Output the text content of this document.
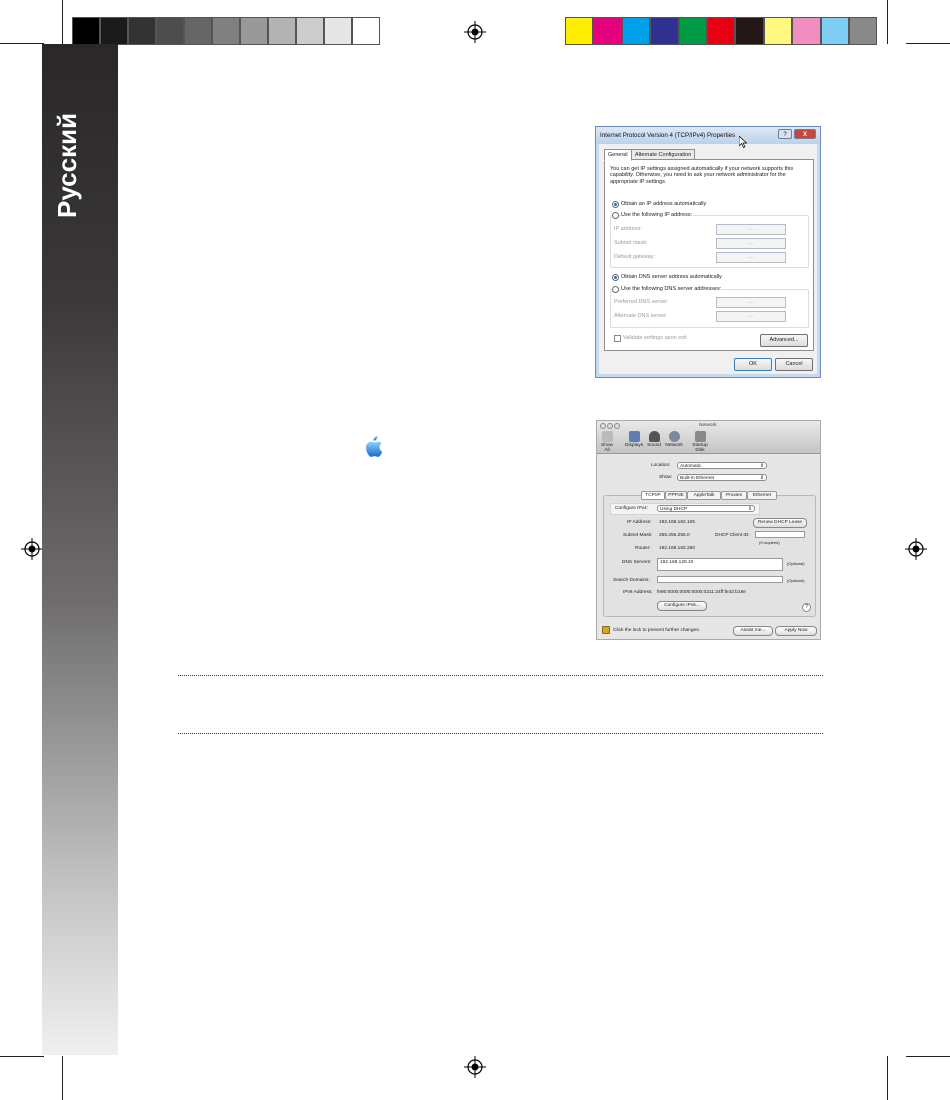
Русский	Internet Protocol Version 4 (TCP/IPv4) Properties	?	X
General	Alternate Configuration
You can get IP settings assigned automatically if your network supports this capability. Otherwise, you need to ask your network administrator for the appropriate IP settings.
Obtain an IP address automatically
Use the following IP address:
IP address:	. . .
Subnet mask:	. . .
Default gateway:	. . .
Obtain DNS server address automatically
Use the following DNS server addresses:
Preferred DNS server:	. . .
Alternate DNS server:	. . .
Validate settings upon exit	Advanced...
OK	Cancel
Network
Show All
Displays Sound Network	Startup Disk
Location:	Automatic	⇕
Show:	Built-in Ethernet	⇕
TCP/IP	PPPoE	AppleTalk	Proxies	Ethernet
Configure IPv4:	Using DHCP	⇕
IP Address: 192.168.182.105	Renew DHCP Lease
Subnet Mask: 255.255.255.0	DHCP Client ID:
(If required)
Router: 192.168.182.250
DNS Servers:	192.168.128.10	(Optional)
Search Domains:	(Optional)
IPv6 Address: fe80:0000:0000:0000:0211:24ff:fe32:b18e
Configure IPv6...	?
Click the lock to prevent further changes.	Assist me...	Apply Now
